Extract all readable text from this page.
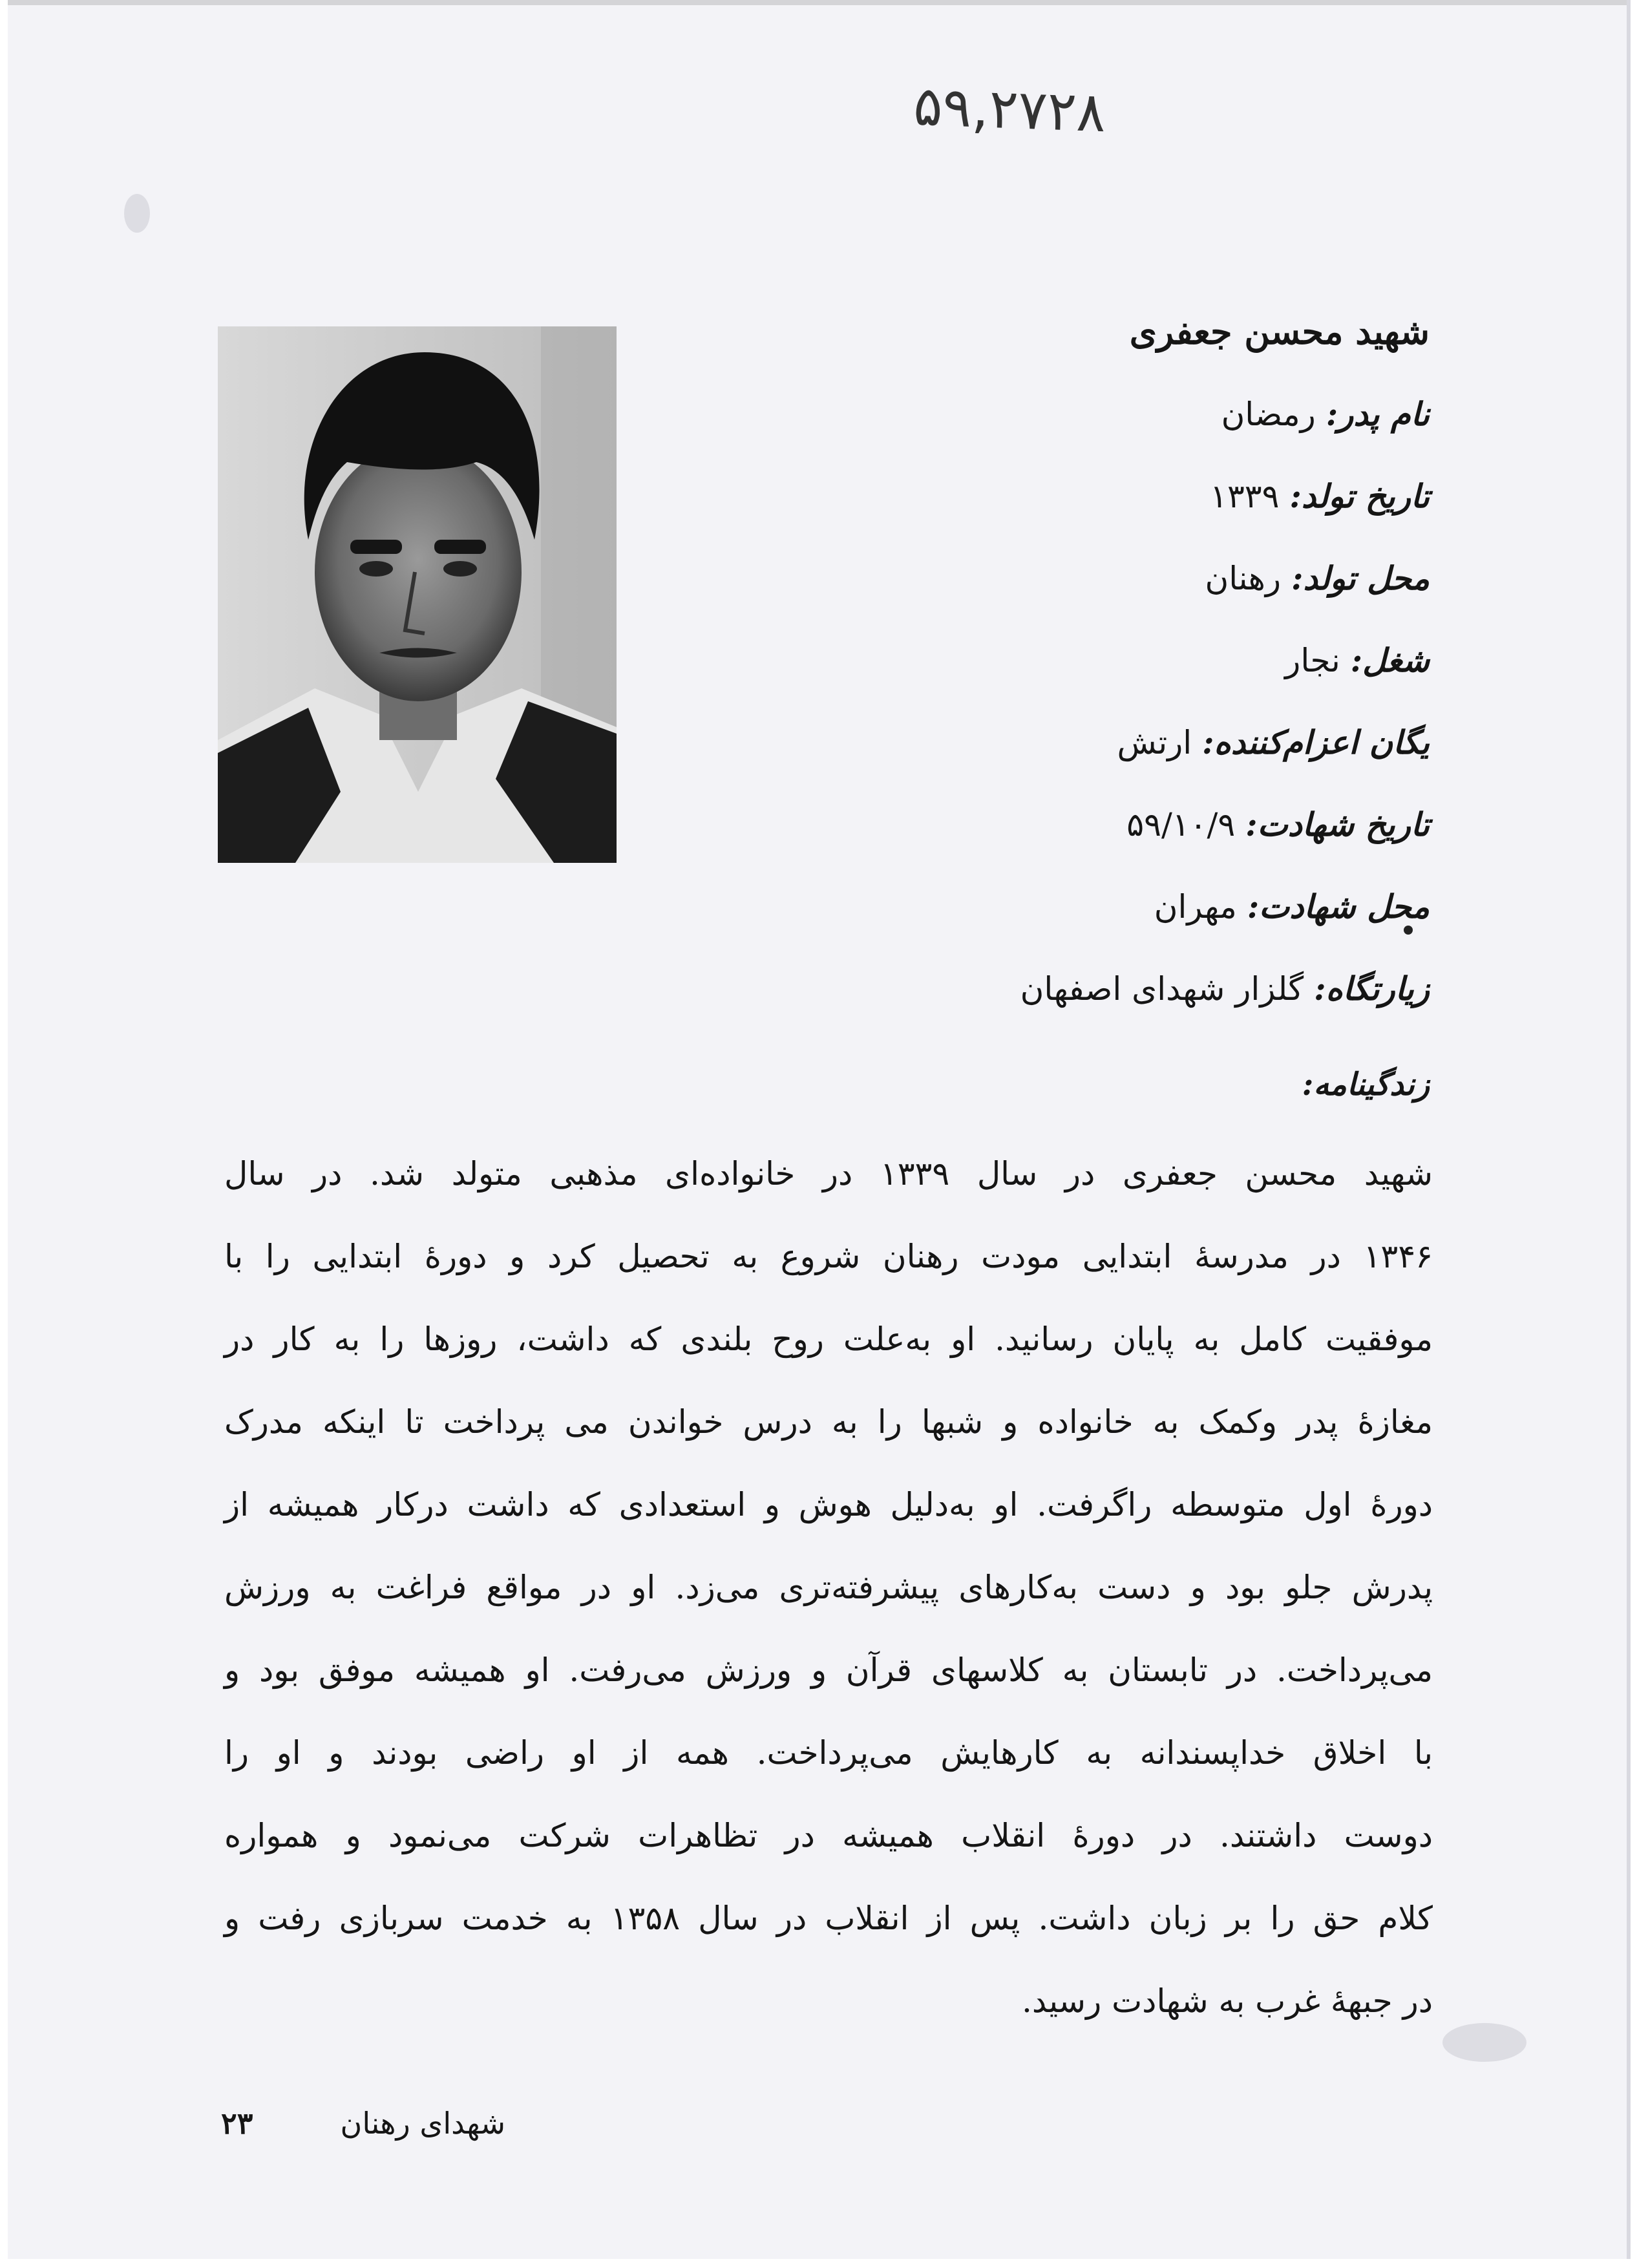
۵۹,۲۷۲۸
شهید محسن جعفری
نام پدر: رمضان
تاریخ تولد: ۱۳۳۹
محل تولد: رهنان
شغل: نجار
یگان اعزام‌کننده: ارتش
تاریخ شهادت: ۵۹/۱۰/۹
محل شهادت: مهران
زیارتگاه: گلزار شهدای اصفهان
زندگینامه:
شهید محسن جعفری در سال ۱۳۳۹ در خانواده‌ای مذهبی متولد شد. در سال
۱۳۴۶ در مدرسهٔ ابتدایی مودت رهنان شروع به تحصیل کرد و دورهٔ ابتدایی را با
موفقیت کامل به پایان رسانید. او به‌علت روح بلندی که داشت، روزها را به کار در
مغازهٔ پدر وکمک به خانواده و شبها را به درس خواندن می پرداخت تا اینکه مدرک
دورهٔ اول متوسطه راگرفت. او به‌دلیل هوش و استعدادی که داشت درکار همیشه از
پدرش جلو بود و دست به‌کارهای پیشرفته‌تری می‌زد. او در مواقع فراغت به ورزش
می‌پرداخت. در تابستان به کلاسهای قرآن و ورزش می‌رفت. او همیشه موفق بود و
با اخلاق خداپسندانه به کارهایش می‌پرداخت. همه از او راضی بودند و او را
دوست داشتند. در دورهٔ انقلاب همیشه در تظاهرات شرکت می‌نمود و همواره
کلام حق را بر زبان داشت. پس از انقلاب در سال ۱۳۵۸ به خدمت سربازی رفت و
در جبههٔ غرب به شهادت رسید.
شهدای رهنان
۲۳
